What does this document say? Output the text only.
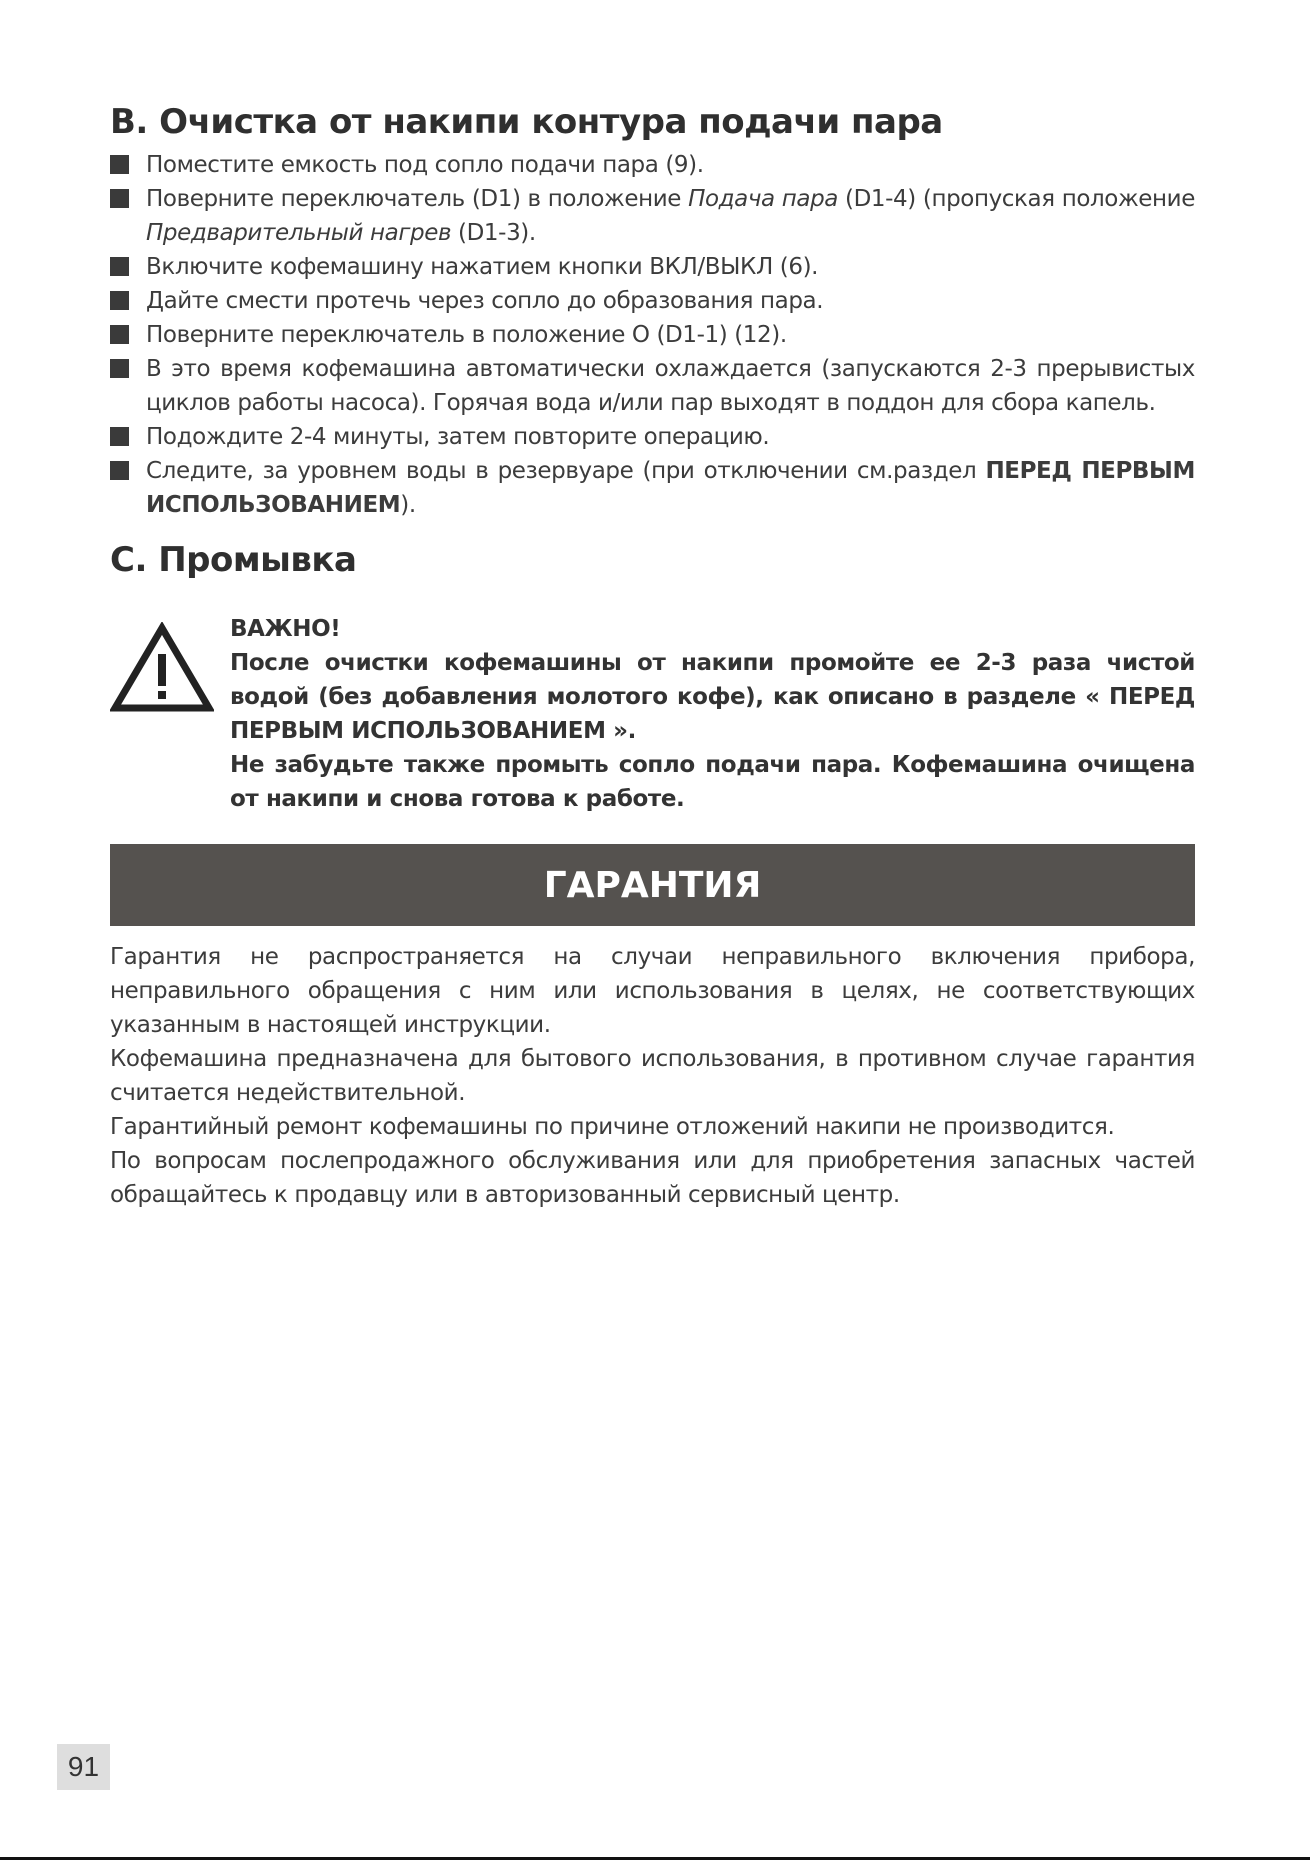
B. Очистка от накипи контура подачи пара
Поместите емкость под сопло подачи пара (9).
Поверните переключатель (D1) в положение Подача пара (D1-4) (пропуская положение Предварительный нагрев (D1-3).
Включите кофемашину нажатием кнопки ВКЛ/ВЫКЛ (6).
Дайте смести протечь через сопло до образования пара.
Поверните переключатель в положение O (D1-1) (12).
В это время кофемашина автоматически охлаждается (запускаются 2-3 прерывистых циклов работы насоса). Горячая вода и/или пар выходят в поддон для сбора капель.
Подождите 2-4 минуты, затем повторите операцию.
Следите, за уровнем воды в резервуаре (при отключении см.раздел ПЕРЕД ПЕРВЫМ ИСПОЛЬЗОВАНИЕМ).
C. Промывка

ВАЖНО!

После очистки кофемашины от накипи промойте ее 2-3 раза чистой водой (без добавления молотого кофе), как описано в разделе « ПЕРЕД ПЕРВЫМ ИСПОЛЬЗОВАНИЕМ ».

Не забудьте также промыть сопло подачи пара. Кофемашина очищена от накипи и снова готова к работе.

ГАРАНТИЯ

Гарантия не распространяется на случаи неправильного включения прибора, неправильного обращения с ним или использования в целях, не соответствующих указанным в настоящей инструкции.

Кофемашина предназначена для бытового использования, в противном случае гарантия считается недействительной.

Гарантийный ремонт кофемашины по причине отложений накипи не производится.

По вопросам послепродажного обслуживания или для приобретения запасных частей обращайтесь к продавцу или в авторизованный сервисный центр.

91
